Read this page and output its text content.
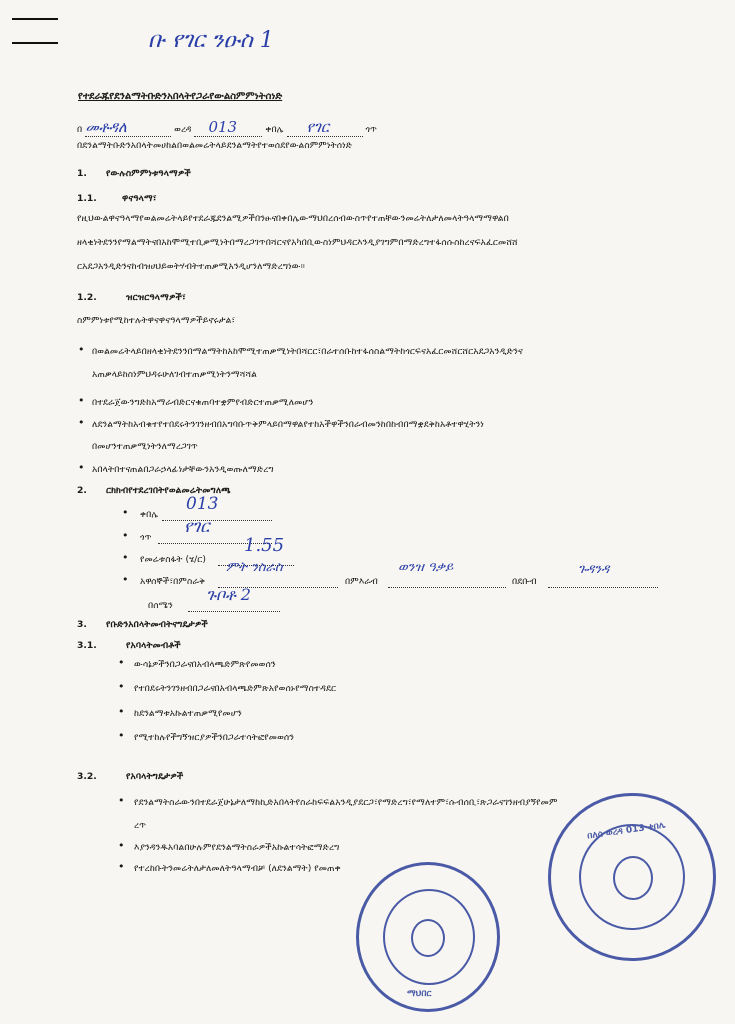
ቡ የገር ንዑስ 1
የተደራጁየደንልማትቡድንአበላትየጋራየውልስምምነትሰነድ
በ መቶዳለ	ወረዳ 013	ቀበሌ የገር	ጎጥ
በደንልማትቡድንአበላትመሀከልበወልመሬትላይደንልማትየተወሰደየውልስምምነትሰነድ
1. የውሉስምምነቱዓላማዎች
1.1.	ዋናዓላማ፣
የዚህውልዋናዓላማየወልመሬትላይየተደራጁደንልሚዎችበንፁናበቀበሌውማህበረሰብውስጥየተጠቸውንመሬትለታለመላትዓላማማዋልበ
ዘላቂነትደንንየማልማትናበአከሞሚተቢቃሚነትበማረጋገጥበሻርናየአካበቢውስነምህዳርእንዲያገግምበማድረግተፋሰሱስከረናፍአፈርመሸሸ
ርአደጋአንዲድንናከብዝሀህይወትሃብትተጠቃሚአንዲሆንለማድረግነው።
1.2.	ዝርዝርዓላማዎች፣
ስምምነቱየሚከተሉትዋናዋናዓላማዎችይኖሩታል፣
• በወልመሬትላይበዘላቂነትደንንበማልማትከአከሞሚተጠቃሚነትበሻርር፣በራተሰቡከተፋሰስልማትከጎርፍናአፈርመሸርሸርአደጋአንዲድንና
አጠቃላይከስነምህዳሩሁለገብተጠቃሚነትንማሻሻል
• በተደራጀውንግድከአማራብድርናቁጠባተቋምየብድርተጠቃሚለመሆን
• ለደንልማትከአብቁተየተበደሩትንገንዘብበአግባቡጥቅምላይበማዋልየተከአችዋችንበራብመንከበከብበማቋደቅከአቶተዋሂትንነ
በመሆንተጠቃሚነትንለማረጋገጥ
• አበላትበተናጠልበጋራኃላፊነታቸውንአንዲወጡለማድረግ
2. ርክክብየተደረገበትየወልመሬትመግለጫ
• ቀበሌ
013
• ጎጥ
የገር
• የመሬቱስፋት (ሄ/ር)
1.55
• አዋሰኞች፣በምስራቅ
ምት ንስራስ
በምእራብ
ወንዝ ዓቃይ
በደቡብ
ጉዳንዳ
በሰሜን
ጉቦቶ 2
3. የቡድንአበላትመብትናግዴታዎች
3.1.	የአባላትመብቶች
• ውሳኔዎችንበጋራናበአብላጫድምጽየመወሰን
• የተበደሩትንገንዘብበጋራናበአብላጫድምጽአየወሰኑየማስተዳደር
• ከደንልማቱአኩልተጠቃሚየመሆን
• የሚተከሉየችግኝዝርያዎችንበጋራተሳትፎየመወሰን
3.2.	የአባላትግዴታዎች
• የደንልማትስራውንበተደራጀሁኔታለማከኪድአበላትየስራከፍፍልአንዲያደርጋ፣የማድረግ፣የማለተም፣ሱብሰቢ፣ጽጋራናገንዘብያኝየመም
ረጥ
• እያንዳንዱአባልበሁሉምየደንልማትስራዎችአኩልተሳትፎማድረግ
• የተረከቡትንመሬትለታለመለትዓላማብቻ (ለደንልማት) የመጠቀ
በለሳ ወረዳ 013 ቀበሌ
ማህበር
